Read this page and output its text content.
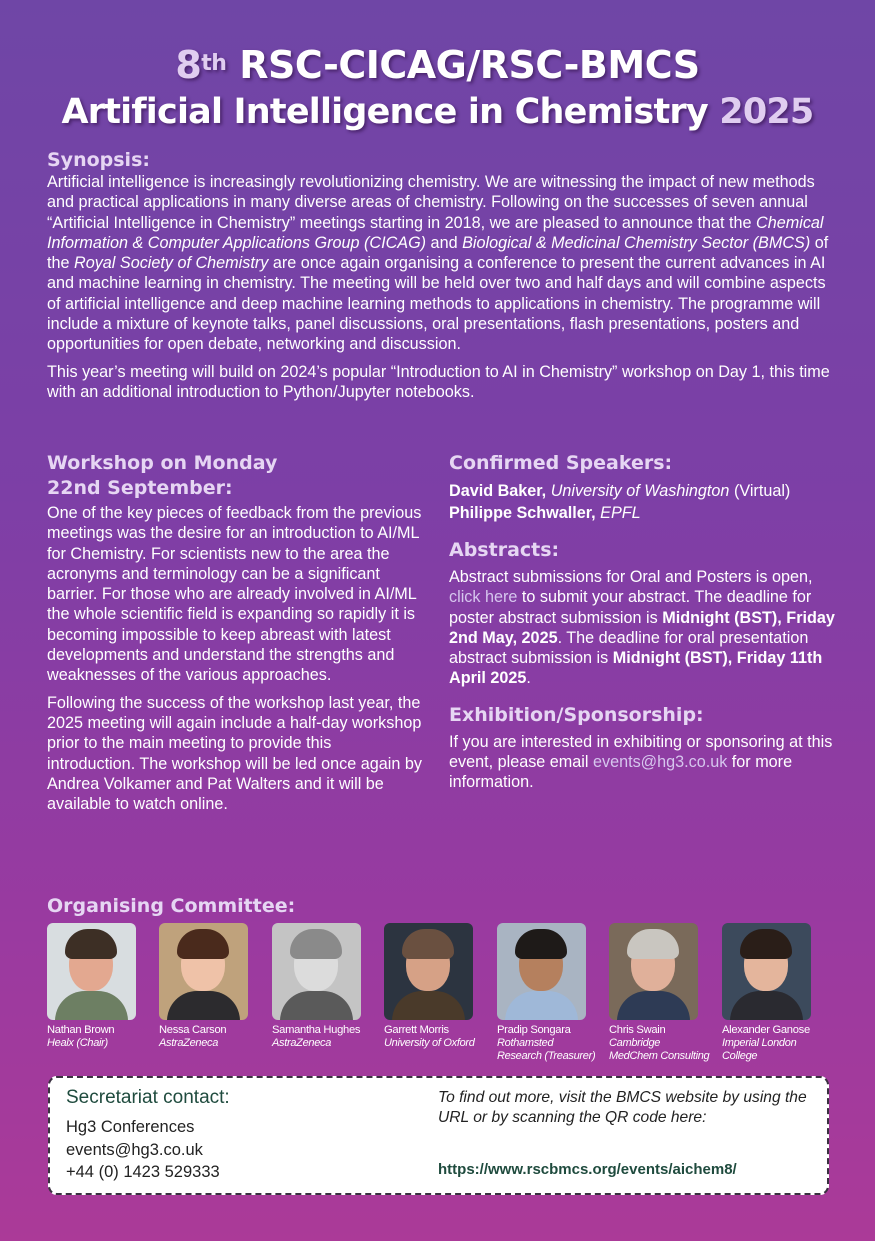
8th RSC-CICAG/RSC-BMCS
Artificial Intelligence in Chemistry 2025
Synopsis:

Artificial intelligence is increasingly revolutionizing chemistry. We are witnessing the impact of new methods and practical applications in many diverse areas of chemistry. Following on the successes of seven annual “Artificial Intelligence in Chemistry” meetings starting in 2018, we are pleased to announce that the Chemical Information & Computer Applications Group (CICAG) and Biological & Medicinal Chemistry Sector (BMCS) of the Royal Society of Chemistry are once again organising a conference to present the current advances in AI and machine learning in chemistry. The meeting will be held over two and half days and will combine aspects of artificial intelligence and deep machine learning methods to applications in chemistry. The programme will include a mixture of keynote talks, panel discussions, oral presentations, flash presentations, posters and opportunities for open debate, networking and discussion.

This year’s meeting will build on 2024’s popular “Introduction to AI in Chemistry” workshop on Day 1, this time with an additional introduction to Python/Jupyter notebooks.

Workshop on Monday
22nd September:

One of the key pieces of feedback from the previous meetings was the desire for an introduction to AI/ML for Chemistry. For scientists new to the area the acronyms and terminology can be a significant barrier. For those who are already involved in AI/ML the whole scientific field is expanding so rapidly it is becoming impossible to keep abreast with latest developments and understand the strengths and weaknesses of the various approaches.

Following the success of the workshop last year, the 2025 meeting will again include a half-day workshop prior to the main meeting to provide this introduction. The workshop will be led once again by Andrea Volkamer and Pat Walters and it will be available to watch online.

Confirmed Speakers:
David Baker, University of Washington (Virtual)
Philippe Schwaller, EPFL
Abstracts:

Abstract submissions for Oral and Posters is open, click here to submit your abstract. The deadline for poster abstract submission is Midnight (BST), Friday 2nd May, 2025. The deadline for oral presentation abstract submission is Midnight (BST), Friday 11th April 2025.

Exhibition/Sponsorship:

If you are interested in exhibiting or sponsoring at this event, please email events@hg3.co.uk for more information.

Organising Committee:
Nathan Brown
Healx (Chair)
Nessa Carson
AstraZeneca
Samantha Hughes
AstraZeneca
Garrett Morris
University of Oxford
Pradip Songara
Rothamsted
Research (Treasurer)
Chris Swain
Cambridge
MedChem Consulting
Alexander Ganose
Imperial London
College
Secretariat contact:
Hg3 Conferences
events@hg3.co.uk
+44 (0) 1423 529333
To find out more, visit the BMCS website by using the URL or by scanning the QR code here:
https://www.rscbmcs.org/events/aichem8/
